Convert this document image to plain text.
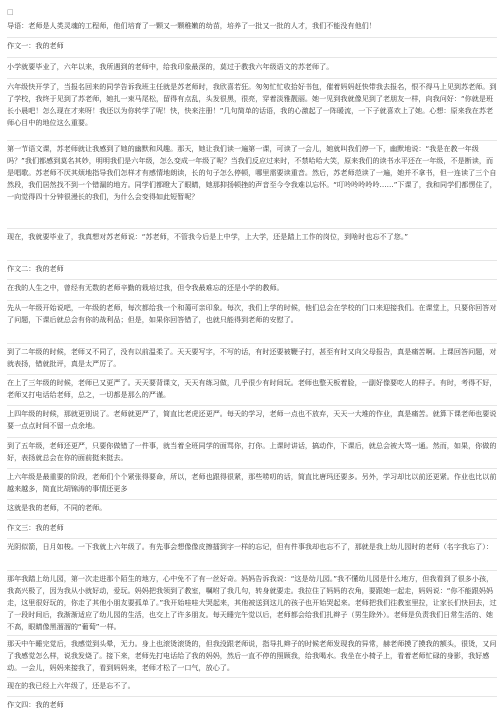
□

导语：老师是人类灵魂的工程师，他们培育了一颗又一颗稚嫩的幼苗，培养了一批又一批的人才，我们不能没有他们！

作文一：我的老师

小学就要毕业了，六年以来，我所遇到的老师中，给我印象最深的，莫过于教我六年级语文的苏老师了。

六年级快开学了，当报名回来的同学告诉我班主任就是苏老师时，我欣喜若狂。匆匆忙忙收拾好书包，催着妈妈赶快带我去报名，恨不得马上见到苏老师。到了学校，我终于见到了苏老师，她扎一束马尾松，留得有点乱，头发很黑，很亮，穿着淡雅靓丽。她一见到我就像见到了老朋友一样，向我问好：“你就是班长小晨吧！怎么现在才来呀！我还以为你转学了呢！快，快来注册！”几句简单的话语，我的心激起了一阵暖流，一下子就喜欢上了她。心想：原来我在苏老师心目中的地位这么重要。

第一节语文课，苏老师就让我感到了她的幽默和风趣。那天，她让我们读一遍第一课，可读了一会儿，她就叫我们停一下，幽默地说：“我是在教一年级吗？”我们都感到莫名其妙，明明我们是六年级，怎么变成一年级了呢？当我们反应过来时，不禁哈哈大笑，原来我们的读书水平还在一年级，不是断读，而是唱歌。苏老师不厌其烦地指导我们怎样才有感情地朗读，长的句子怎么停顿，哪里需要读重音。然后，苏老师范读了一遍，她并不拿书，但一连读了三个自然段，我们居然找不到一个错漏的地方。同学们都瞪大了眼睛，她那抑扬顿挫的声音至今令我难以忘怀。“叮呤呤呤呤呤……”下课了，我和同学们都愣住了，一向觉得四十分钟很漫长的我们，为什么会变得如此短暂呢？

现在，我就要毕业了，我真想对苏老师说：“苏老师，不管我今后是上中学，上大学，还是踏上工作的岗位，到啥时也忘不了您。”

作文二：我的老师

在我的人生之中，曾经有无数的老师辛勤的栽培过我，但令我最难忘的还是小学的教师。

先从一年级开始说吧，一年级的老师，每次都给我一个和蔼可亲印象。每次，我们上学的时候，他们总会在学校的门口来迎接我们。在课堂上，只要你回答对了问题，下课后就总会有你的战利品；但是，如果你回答错了，也就只能得到老师的安慰了。

到了二年级的时候，老师又不同了，没有以前温柔了。天天要写字，不写的话，有时还要被鞭子打，甚至有时又向父母报告，真是痛苦啊。上课回答问题，对就表扬，错就批评，真是太严厉了。

在上了三年级的时候，老师已又更严了。天天要背课文，天天有练习做，几乎很少有时间玩。老师也整天板着脸，一副好像要吃人的样子。有时，考得不好，老师又打电话给老师，总之，一切都是那么的严谨。

上四年级的时候，那就更别说了。老师就更严了，简直比老虎还更严。每天的学习，老师一点也不放弃，天天一大堆的作业，真是痛苦。就算下课老师也要说要一点点时间不留一点余地。

到了五年级，老师还更严，只要你做错了一件事，就当着全班同学的面骂你，打你。上课时讲话，搞动作，下课后，就总会被大骂一通。然而，如果，你做的好，表扬就总会在你的面前挺来挺去。

上六年级是最重要的阶段，老师们个个紧张得要命，所以，老师也跟得很紧，那些唠叨的话，简直比唐玛还要多。另外，学习却比以前还更紧。作业也比以前越来越多，简直比胡锦涛的事情还更多

这就是我的老师，不同的老师。

作文三：我的老师

光阴似箭，日月如梭。一下我就上六年级了。有先事会想像像皮擦擂到字一样的忘记，但有件事我却也忘不了，那就是我上幼儿园时的老师（名字我忘了）：

那年我踏上幼儿园，第一次走进那个陌生的地方，心中免不了有一丝好奇。妈妈告诉我说：“这是幼儿园。”我不懂幼儿园是什么地方，但我看到了很多小孩，我高兴极了，因为我从小就好动，爱玩。妈妈把我领到了教室，嘱咐了我几句，转身就要走。我拉住了妈妈的衣角，要跟她一起走，妈妈说：“你不能跟妈妈走，这里很好玩的，你走了其他小朋友要孤单了。”我开始哇哇大哭起来，其他被送到这儿的孩子也开始哭起来。老师把我们往教室里拉，让家长们快回去，过了一段时间后，我渐渐适应了幼儿园的生活，也交上了许多朋友。每天睡完午觉以后，老师都会给我们扎辫子（男生除外）。老师是负责我们日常生活的、她不高，眼睛像黑溜溜的“葡萄”一样。

那天中午睡完觉后，我感觉到头晕，无力。身上也滚烫滚烫的，但我没跟老师说，指导扎辫子的时候老师发现我的异常，赫老师摸了摸我的额头，很烫，又问了我感觉怎么样，说我发烧了。接下来，老师先打电话给了我的妈妈，然后一直不停的照顾我，给我喝水。我坐在小椅子上，看着老师忙碌的身影，我好感动。一会儿，妈妈来接我了，看到妈妈来，老师才松了一口气，放心了。

现在的我已经上六年级了，还是忘不了。

作文四：我的老师
